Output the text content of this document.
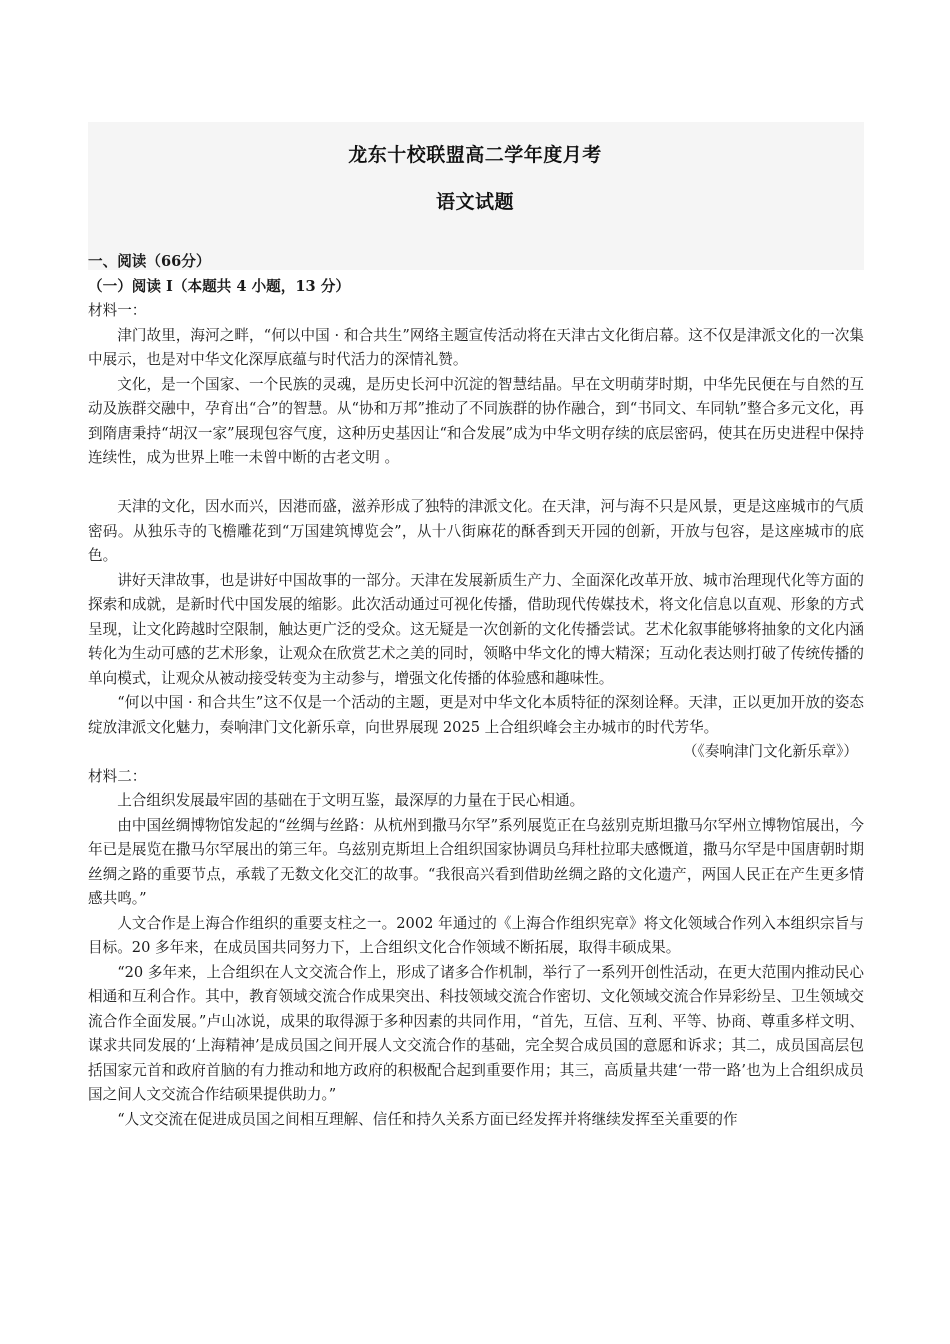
龙东十校联盟高二学年度月考
语文试题

一、阅读（66分）

（一）阅读 I（本题共 4 小题，13 分）

材料一：

津门故里，海河之畔，“何以中国 · 和合共生”网络主题宣传活动将在天津古文化街启幕。这不仅是津派文化的一次集中展示，也是对中华文化深厚底蕴与时代活力的深情礼赞。

文化，是一个国家、一个民族的灵魂，是历史长河中沉淀的智慧结晶。早在文明萌芽时期，中华先民便在与自然的互动及族群交融中，孕育出“合”的智慧。从“协和万邦”推动了不同族群的协作融合，到“书同文、车同轨”整合多元文化，再到隋唐秉持“胡汉一家”展现包容气度，这种历史基因让“和合发展”成为中华文明存续的底层密码，使其在历史进程中保持连续性，成为世界上唯一未曾中断的古老文明 。

天津的文化，因水而兴，因港而盛，滋养形成了独特的津派文化。在天津，河与海不只是风景，更是这座城市的气质密码。从独乐寺的飞檐雕花到“万国建筑博览会”，从十八街麻花的酥香到天开园的创新，开放与包容，是这座城市的底色。

讲好天津故事，也是讲好中国故事的一部分。天津在发展新质生产力、全面深化改革开放、城市治理现代化等方面的探索和成就，是新时代中国发展的缩影。此次活动通过可视化传播，借助现代传媒技术，将文化信息以直观、形象的方式呈现，让文化跨越时空限制，触达更广泛的受众。这无疑是一次创新的文化传播尝试。艺术化叙事能够将抽象的文化内涵转化为生动可感的艺术形象，让观众在欣赏艺术之美的同时，领略中华文化的博大精深；互动化表达则打破了传统传播的单向模式，让观众从被动接受转变为主动参与，增强文化传播的体验感和趣味性。

“何以中国 · 和合共生”这不仅是一个活动的主题，更是对中华文化本质特征的深刻诠释。天津，正以更加开放的姿态绽放津派文化魅力，奏响津门文化新乐章，向世界展现 2025 上合组织峰会主办城市的时代芳华。

（《奏响津门文化新乐章》）

材料二：

上合组织发展最牢固的基础在于文明互鉴，最深厚的力量在于民心相通。

由中国丝绸博物馆发起的“丝绸与丝路：从杭州到撒马尔罕”系列展览正在乌兹别克斯坦撒马尔罕州立博物馆展出，今年已是展览在撒马尔罕展出的第三年。乌兹别克斯坦上合组织国家协调员乌拜杜拉耶夫感慨道，撒马尔罕是中国唐朝时期丝绸之路的重要节点，承载了无数文化交汇的故事。“我很高兴看到借助丝绸之路的文化遗产，两国人民正在产生更多情感共鸣。”

人文合作是上海合作组织的重要支柱之一。2002 年通过的《上海合作组织宪章》将文化领域合作列入本组织宗旨与目标。20 多年来，在成员国共同努力下，上合组织文化合作领域不断拓展，取得丰硕成果。

“20 多年来，上合组织在人文交流合作上，形成了诸多合作机制，举行了一系列开创性活动，在更大范围内推动民心相通和互利合作。其中，教育领域交流合作成果突出、科技领域交流合作密切、文化领域交流合作异彩纷呈、卫生领域交流合作全面发展。”卢山冰说，成果的取得源于多种因素的共同作用，“首先，互信、互利、平等、协商、尊重多样文明、谋求共同发展的‘上海精神’是成员国之间开展人文交流合作的基础，完全契合成员国的意愿和诉求；其二，成员国高层包括国家元首和政府首脑的有力推动和地方政府的积极配合起到重要作用；其三，高质量共建‘一带一路’也为上合组织成员国之间人文交流合作结硕果提供助力。”

“人文交流在促进成员国之间相互理解、信任和持久关系方面已经发挥并将继续发挥至关重要的作
